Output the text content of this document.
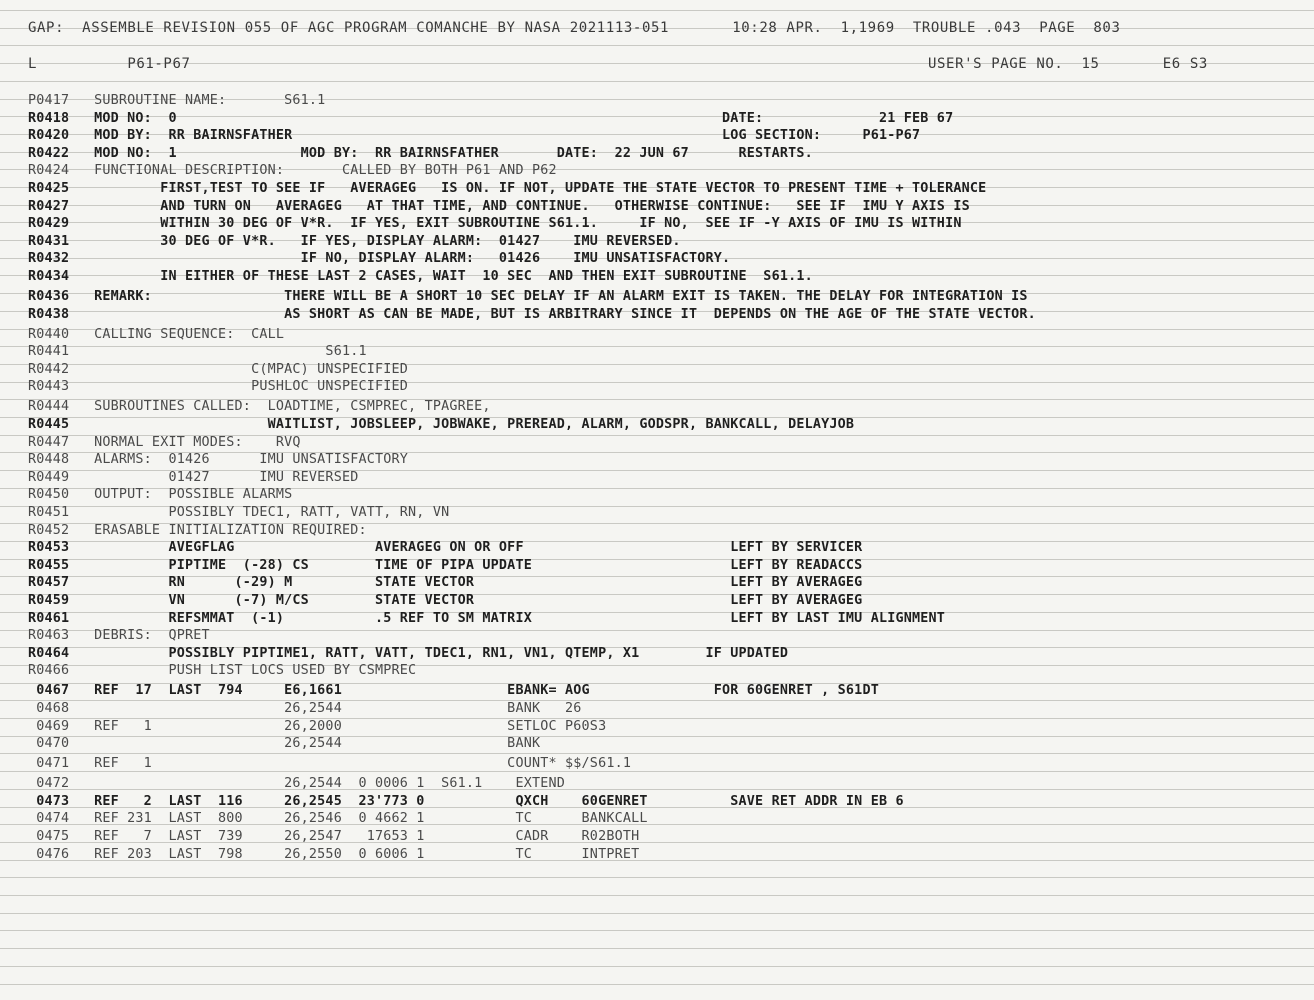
GAP:  ASSEMBLE REVISION 055 OF AGC PROGRAM COMANCHE BY NASA 2021113-051       10:28 APR.  1,1969  TROUBLE .043  PAGE  803
L          P61-P67	USER'S PAGE NO.  15       E6 S3
P0417   SUBROUTINE NAME:       S61.1
R0418   MOD NO:  0                                                                  DATE:              21 FEB 67
R0420   MOD BY:  RR BAIRNSFATHER                                                    LOG SECTION:     P61-P67
R0422   MOD NO:  1               MOD BY:  RR BAIRNSFATHER       DATE:  22 JUN 67      RESTARTS.
R0424   FUNCTIONAL DESCRIPTION:       CALLED BY BOTH P61 AND P62
R0425           FIRST,TEST TO SEE IF   AVERAGEG   IS ON. IF NOT, UPDATE THE STATE VECTOR TO PRESENT TIME + TOLERANCE
R0427           AND TURN ON   AVERAGEG   AT THAT TIME, AND CONTINUE.   OTHERWISE CONTINUE:   SEE IF  IMU Y AXIS IS
R0429           WITHIN 30 DEG OF V*R.  IF YES, EXIT SUBROUTINE S61.1.     IF NO,  SEE IF -Y AXIS OF IMU IS WITHIN
R0431           30 DEG OF V*R.   IF YES, DISPLAY ALARM:  01427    IMU REVERSED.
R0432                            IF NO, DISPLAY ALARM:   01426    IMU UNSATISFACTORY.
R0434           IN EITHER OF THESE LAST 2 CASES, WAIT  10 SEC  AND THEN EXIT SUBROUTINE  S61.1.
R0436   REMARK:                THERE WILL BE A SHORT 10 SEC DELAY IF AN ALARM EXIT IS TAKEN. THE DELAY FOR INTEGRATION IS
R0438                          AS SHORT AS CAN BE MADE, BUT IS ARBITRARY SINCE IT  DEPENDS ON THE AGE OF THE STATE VECTOR.
R0440   CALLING SEQUENCE:  CALL
R0441                               S61.1
R0442                      C(MPAC) UNSPECIFIED
R0443                      PUSHLOC UNSPECIFIED
R0444   SUBROUTINES CALLED:  LOADTIME, CSMPREC, TPAGREE,
R0445                        WAITLIST, JOBSLEEP, JOBWAKE, PREREAD, ALARM, GODSPR, BANKCALL, DELAYJOB
R0447   NORMAL EXIT MODES:    RVQ
R0448   ALARMS:  01426      IMU UNSATISFACTORY
R0449            01427      IMU REVERSED
R0450   OUTPUT:  POSSIBLE ALARMS
R0451            POSSIBLY TDEC1, RATT, VATT, RN, VN
R0452   ERASABLE INITIALIZATION REQUIRED:
R0453            AVEGFLAG                 AVERAGEG ON OR OFF                         LEFT BY SERVICER
R0455            PIPTIME  (-28) CS        TIME OF PIPA UPDATE                        LEFT BY READACCS
R0457            RN      (-29) M          STATE VECTOR                               LEFT BY AVERAGEG
R0459            VN      (-7) M/CS        STATE VECTOR                               LEFT BY AVERAGEG
R0461            REFSMMAT  (-1)           .5 REF TO SM MATRIX                        LEFT BY LAST IMU ALIGNMENT
R0463   DEBRIS:  QPRET
R0464            POSSIBLY PIPTIME1, RATT, VATT, TDEC1, RN1, VN1, QTEMP, X1        IF UPDATED
R0466            PUSH LIST LOCS USED BY CSMPREC
0467   REF  17  LAST  794     E6,1661                    EBANK= AOG               FOR 60GENRET , S61DT
0468                          26,2544                    BANK   26
0469   REF   1                26,2000                    SETLOC P60S3
0470                          26,2544                    BANK
0471   REF   1                                           COUNT* $$/S61.1
0472                          26,2544  0 0006 1  S61.1    EXTEND
0473   REF   2  LAST  116     26,2545  23'773 0           QXCH    60GENRET          SAVE RET ADDR IN EB 6
0474   REF 231  LAST  800     26,2546  0 4662 1           TC      BANKCALL
0475   REF   7  LAST  739     26,2547   17653 1           CADR    R02BOTH
0476   REF 203  LAST  798     26,2550  0 6006 1           TC      INTPRET
